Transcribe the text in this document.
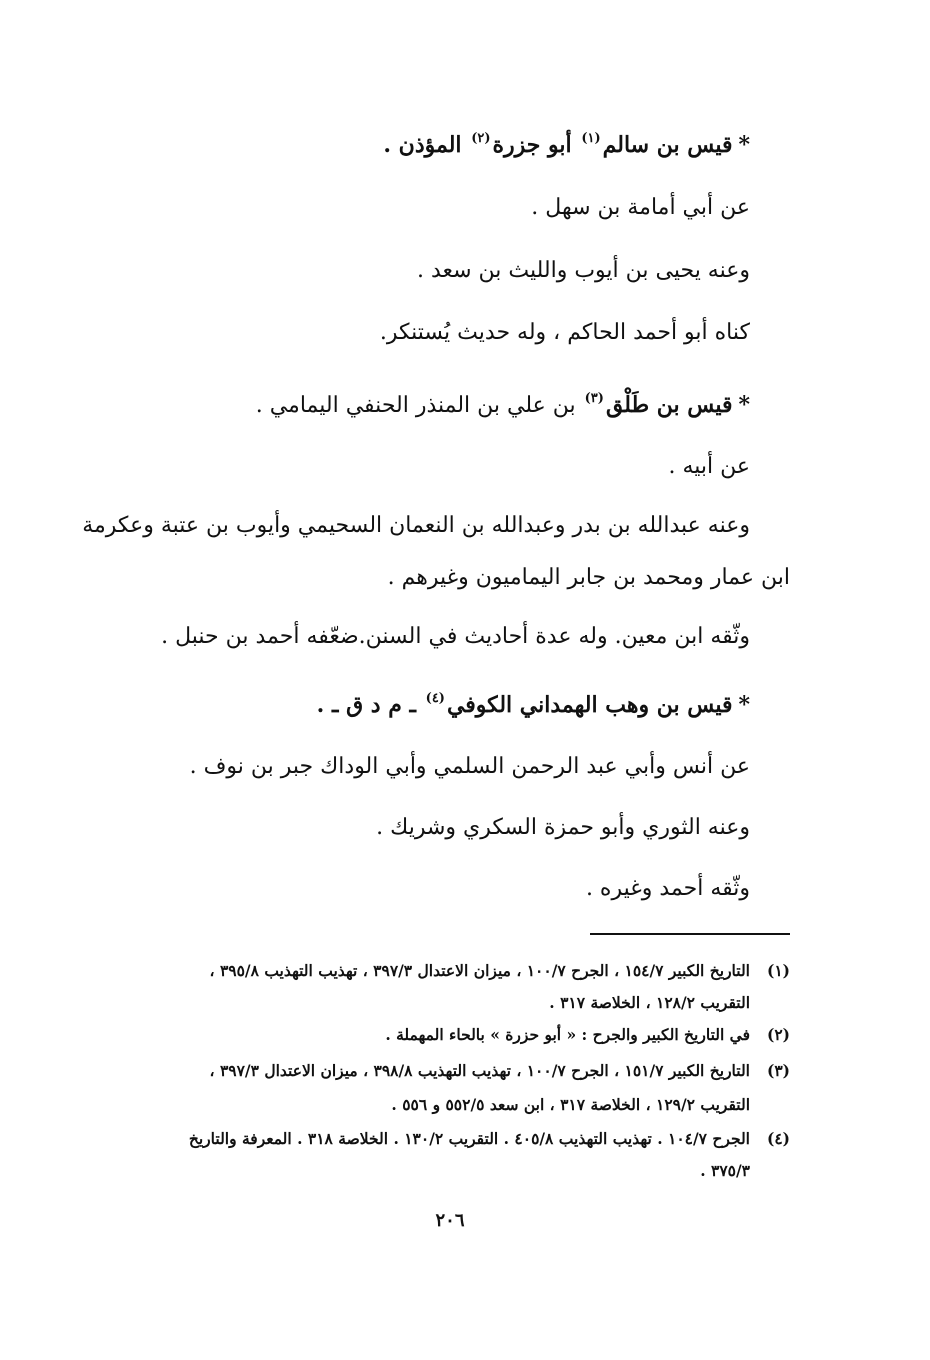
*قيس بن سالم$^{(١)}$ أبو جزرة$^{(٢)}$ المؤذن .
عن أبي أمامة بن سهل .
وعنه يحيى بن أيوب والليث بن سعد .
كناه أبو أحمد الحاكم ، وله حديث يُستنكر.
*قيس بن طَلْق$^{(٣)}$ بن علي بن المنذر الحنفي اليمامي .
عن أبيه .
وعنه عبدالله بن بدر وعبدالله بن النعمان السحيمي وأيوب بن عتبة وعكرمة
ابن عمار ومحمد بن جابر اليماميون وغيرهم .
وثّقه ابن معين. وله عدة أحاديث في السنن.ضعّفه أحمد بن حنبل .
*قيس بن وهب الهمداني الكوفي$^{(٤)}$ ـ م د ق ـ .
عن أنس وأبي عبد الرحمن السلمي وأبي الوداك جبر بن نوف .
وعنه الثوري وأبو حمزة السكري وشريك .
وثّقه أحمد وغيره .
(١)
التاريخ الكبير ١٥٤/٧ ، الجرح ١٠٠/٧ ، ميزان الاعتدال ٣٩٧/٣ ، تهذيب التهذيب ٣٩٥/٨ ،
التقريب ١٢٨/٢ ، الخلاصة ٣١٧ .
(٢)
في التاريخ الكبير والجرح : « أبو حزرة » بالحاء المهملة .
(٣)
التاريخ الكبير ١٥١/٧ ، الجرح ١٠٠/٧ ، تهذيب التهذيب ٣٩٨/٨ ، ميزان الاعتدال ٣٩٧/٣ ،
التقريب ١٢٩/٢ ، الخلاصة ٣١٧ ، ابن سعد ٥٥٢/٥ و ٥٥٦ .
(٤)
الجرح ١٠٤/٧ . تهذيب التهذيب ٤٠٥/٨ . التقريب ١٣٠/٢ . الخلاصة ٣١٨ . المعرفة والتاريخ
٣٧٥/٣ .
٢٠٦
